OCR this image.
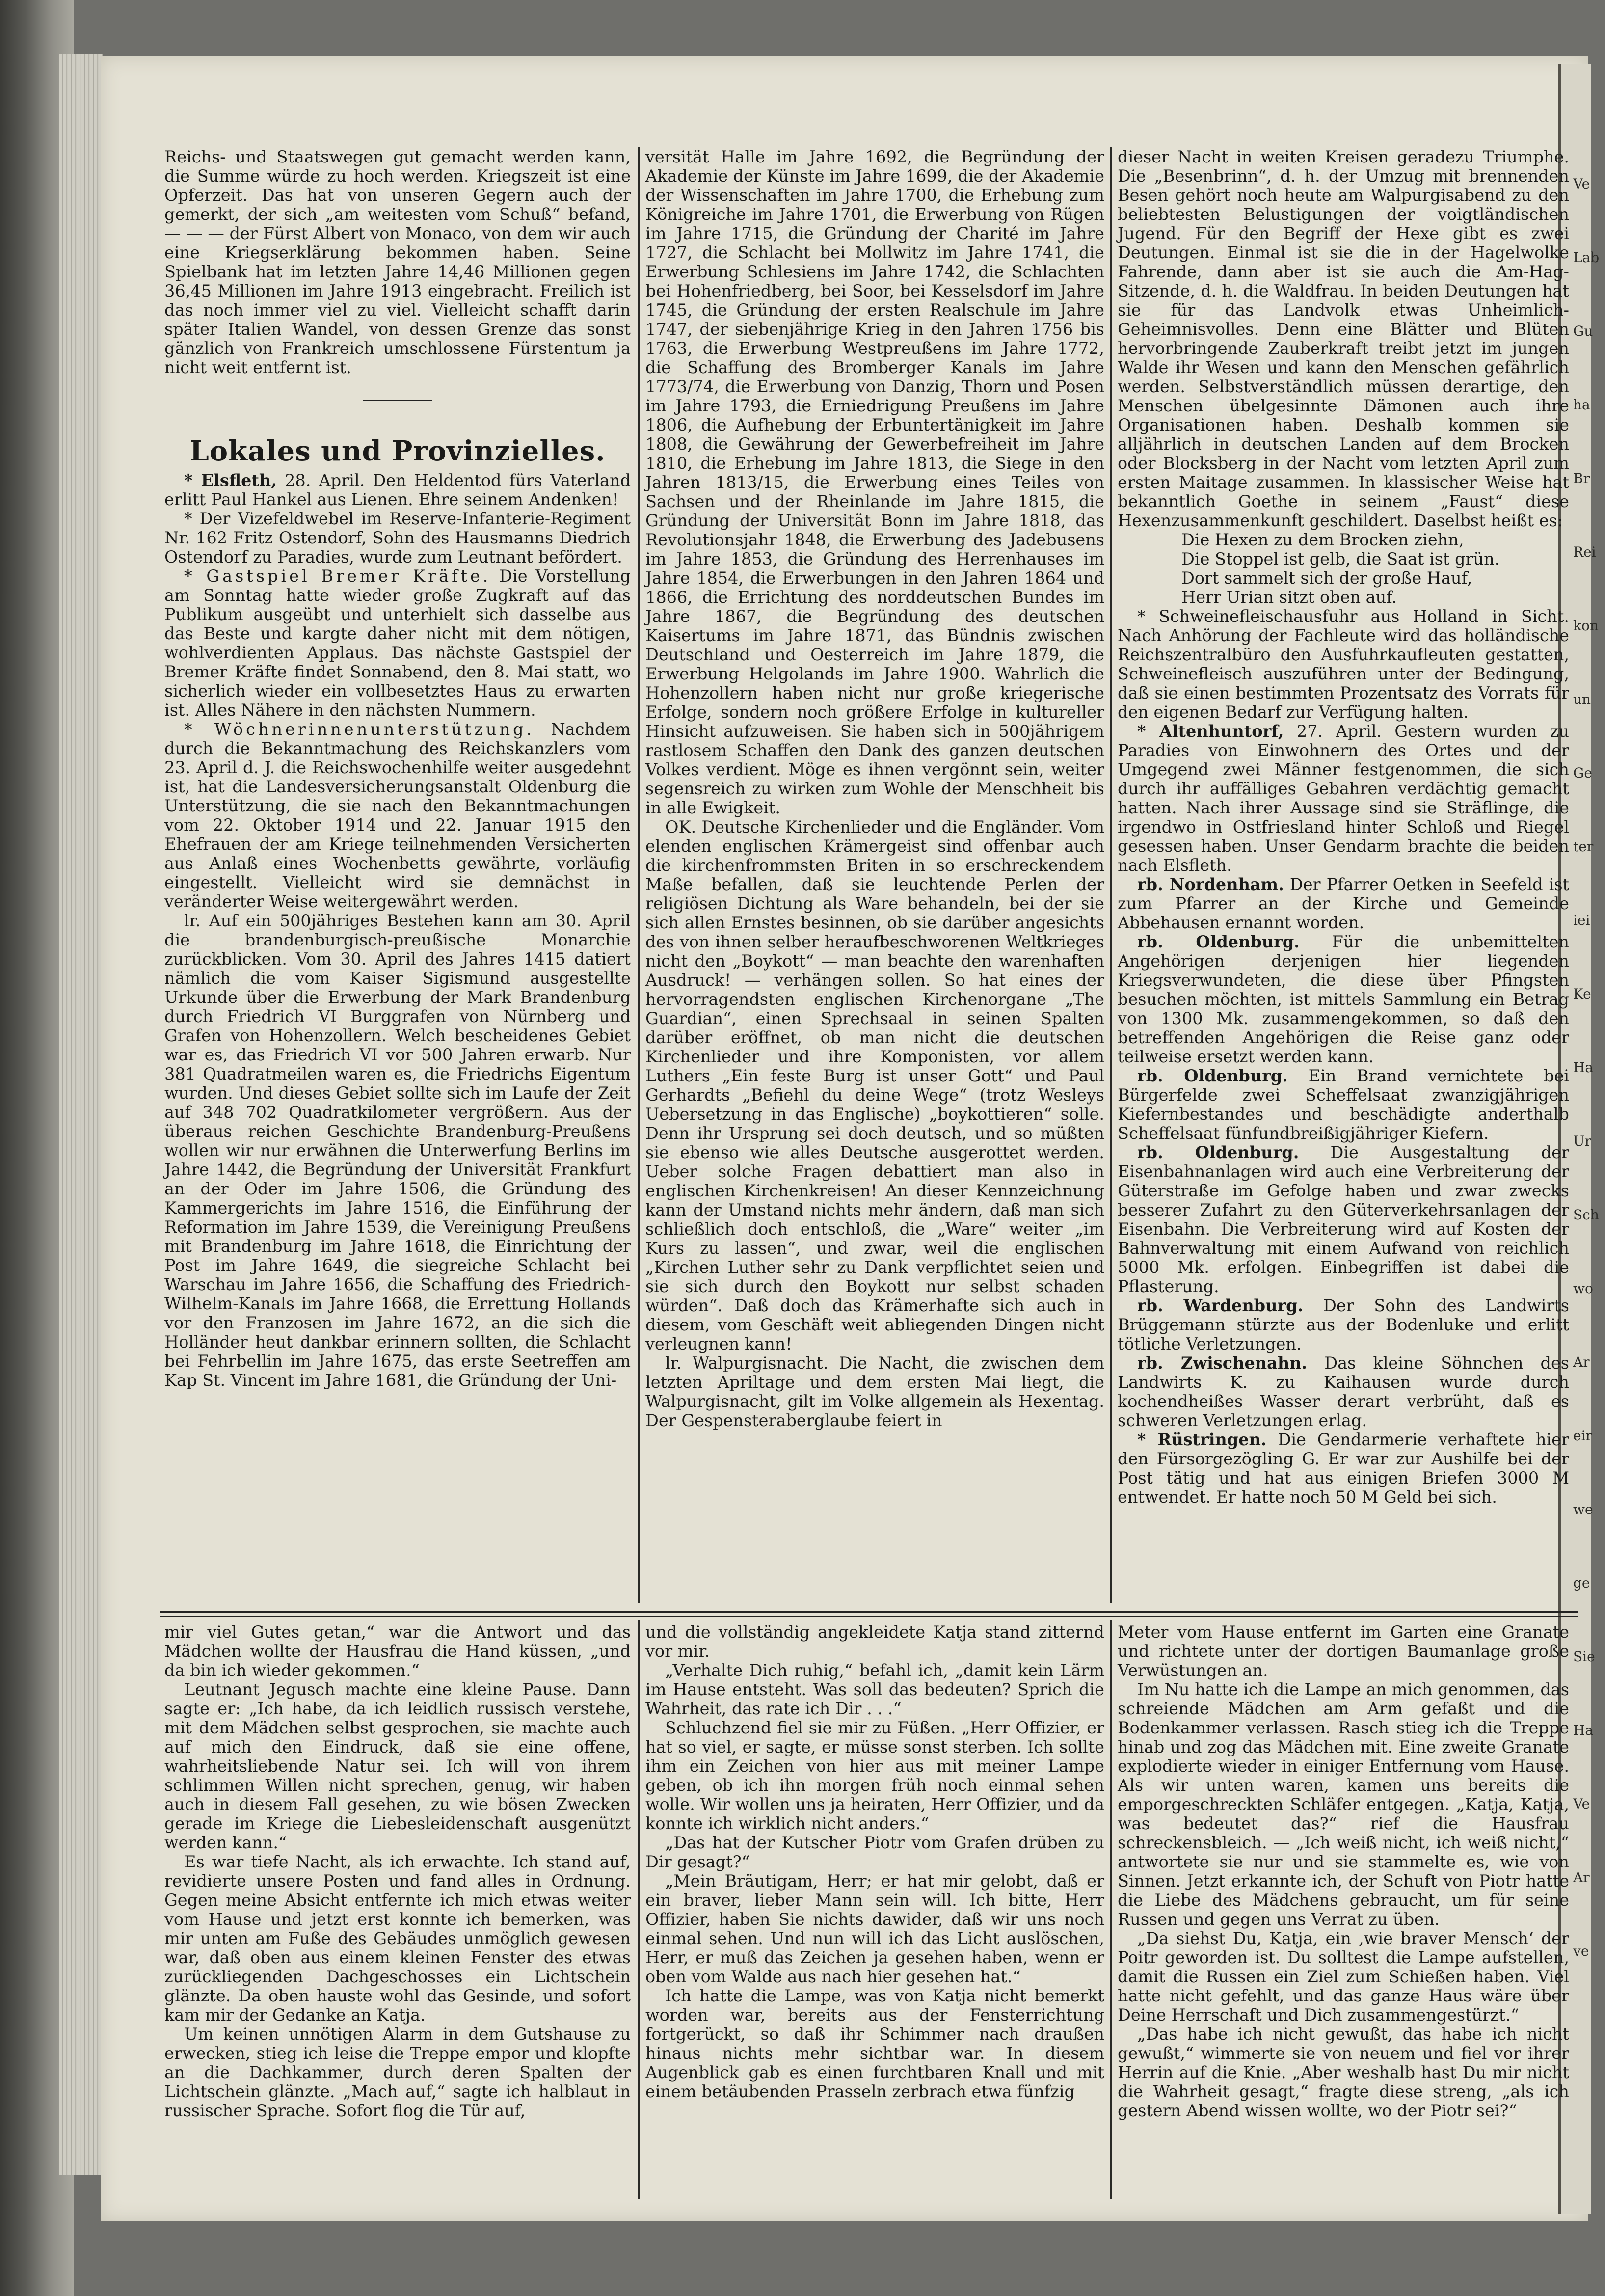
Reichs- und Staatswegen gut gemacht werden kann, die Summe würde zu hoch werden. Kriegszeit ist eine Opferzeit. Das hat von unseren Gegern auch der gemerkt, der sich „am weitesten vom Schuß“ befand, — — — der Fürst Albert von Monaco, von dem wir auch eine Kriegserklärung bekommen haben. Seine Spielbank hat im letzten Jahre 14,46 Millionen gegen 36,45 Millionen im Jahre 1913 eingebracht. Freilich ist das noch immer viel zu viel. Vielleicht schafft darin später Italien Wandel, von dessen Grenze das sonst gänzlich von Frankreich umschlossene Fürstentum ja nicht weit entfernt ist.

Lokales und Provinzielles.

* Elsfleth, 28. April. Den Heldentod fürs Vaterland erlitt Paul Hankel aus Lienen. Ehre seinem Andenken!

* Der Vizefeldwebel im Reserve-Infanterie-Regiment Nr. 162 Fritz Ostendorf, Sohn des Hausmanns Diedrich Ostendorf zu Paradies, wurde zum Leutnant befördert.

* Gastspiel Bremer Kräfte. Die Vorstellung am Sonntag hatte wieder große Zugkraft auf das Publikum ausgeübt und unterhielt sich dasselbe aus das Beste und kargte daher nicht mit dem nötigen, wohlverdienten Applaus. Das nächste Gastspiel der Bremer Kräfte findet Sonnabend, den 8. Mai statt, wo sicherlich wieder ein vollbesetztes Haus zu erwarten ist. Alles Nähere in den nächsten Nummern.

* Wöchnerinnenunterstützung. Nachdem durch die Bekanntmachung des Reichskanzlers vom 23. April d. J. die Reichswochenhilfe weiter ausgedehnt ist, hat die Landesversicherungsanstalt Oldenburg die Unterstützung, die sie nach den Bekanntmachungen vom 22. Oktober 1914 und 22. Januar 1915 den Ehefrauen der am Kriege teilnehmenden Versicherten aus Anlaß eines Wochenbetts gewährte, vorläufig eingestellt. Vielleicht wird sie demnächst in veränderter Weise weitergewährt werden.

lr. Auf ein 500jähriges Bestehen kann am 30. April die brandenburgisch-preußische Monarchie zurückblicken. Vom 30. April des Jahres 1415 datiert nämlich die vom Kaiser Sigismund ausgestellte Urkunde über die Erwerbung der Mark Brandenburg durch Friedrich VI Burggrafen von Nürnberg und Grafen von Hohenzollern. Welch bescheidenes Gebiet war es, das Friedrich VI vor 500 Jahren erwarb. Nur 381 Quadratmeilen waren es, die Friedrichs Eigentum wurden. Und dieses Gebiet sollte sich im Laufe der Zeit auf 348 702 Quadratkilometer vergrößern. Aus der überaus reichen Geschichte Brandenburg-Preußens wollen wir nur erwähnen die Unterwerfung Berlins im Jahre 1442, die Begründung der Universität Frankfurt an der Oder im Jahre 1506, die Gründung des Kammergerichts im Jahre 1516, die Einführung der Reformation im Jahre 1539, die Vereinigung Preußens mit Brandenburg im Jahre 1618, die Einrichtung der Post im Jahre 1649, die siegreiche Schlacht bei Warschau im Jahre 1656, die Schaffung des Friedrich-Wilhelm-Kanals im Jahre 1668, die Errettung Hollands vor den Franzosen im Jahre 1672, an die sich die Holländer heut dankbar erinnern sollten, die Schlacht bei Fehrbellin im Jahre 1675, das erste Seetreffen am Kap St. Vincent im Jahre 1681, die Gründung der Uni-

versität Halle im Jahre 1692, die Begründung der Akademie der Künste im Jahre 1699, die der Akademie der Wissenschaften im Jahre 1700, die Erhebung zum Königreiche im Jahre 1701, die Erwerbung von Rügen im Jahre 1715, die Gründung der Charité im Jahre 1727, die Schlacht bei Mollwitz im Jahre 1741, die Erwerbung Schlesiens im Jahre 1742, die Schlachten bei Hohenfriedberg, bei Soor, bei Kesselsdorf im Jahre 1745, die Gründung der ersten Realschule im Jahre 1747, der siebenjährige Krieg in den Jahren 1756 bis 1763, die Erwerbung Westpreußens im Jahre 1772, die Schaffung des Bromberger Kanals im Jahre 1773/74, die Erwerbung von Danzig, Thorn und Posen im Jahre 1793, die Erniedrigung Preußens im Jahre 1806, die Aufhebung der Erbuntertänigkeit im Jahre 1808, die Gewährung der Gewerbefreiheit im Jahre 1810, die Erhebung im Jahre 1813, die Siege in den Jahren 1813/15, die Erwerbung eines Teiles von Sachsen und der Rheinlande im Jahre 1815, die Gründung der Universität Bonn im Jahre 1818, das Revolutionsjahr 1848, die Erwerbung des Jadebusens im Jahre 1853, die Gründung des Herrenhauses im Jahre 1854, die Erwerbungen in den Jahren 1864 und 1866, die Errichtung des norddeutschen Bundes im Jahre 1867, die Begründung des deutschen Kaisertums im Jahre 1871, das Bündnis zwischen Deutschland und Oesterreich im Jahre 1879, die Erwerbung Helgolands im Jahre 1900. Wahrlich die Hohenzollern haben nicht nur große kriegerische Erfolge, sondern noch größere Erfolge in kultureller Hinsicht aufzuweisen. Sie haben sich in 500jährigem rastlosem Schaffen den Dank des ganzen deutschen Volkes verdient. Möge es ihnen vergönnt sein, weiter segensreich zu wirken zum Wohle der Menschheit bis in alle Ewigkeit.

OK. Deutsche Kirchenlieder und die Engländer. Vom elenden englischen Krämergeist sind offenbar auch die kirchenfrommsten Briten in so erschreckendem Maße befallen, daß sie leuchtende Perlen der religiösen Dichtung als Ware behandeln, bei der sie sich allen Ernstes besinnen, ob sie darüber angesichts des von ihnen selber heraufbeschworenen Weltkrieges nicht den „Boykott“ — man beachte den warenhaften Ausdruck! — verhängen sollen. So hat eines der hervorragendsten englischen Kirchenorgane „The Guardian“, einen Sprechsaal in seinen Spalten darüber eröffnet, ob man nicht die deutschen Kirchenlieder und ihre Komponisten, vor allem Luthers „Ein feste Burg ist unser Gott“ und Paul Gerhardts „Befiehl du deine Wege“ (trotz Wesleys Uebersetzung in das Englische) „boykottieren“ solle. Denn ihr Ursprung sei doch deutsch, und so müßten sie ebenso wie alles Deutsche ausgerottet werden. Ueber solche Fragen debattiert man also in englischen Kirchenkreisen! An dieser Kennzeichnung kann der Umstand nichts mehr ändern, daß man sich schließlich doch entschloß, die „Ware“ weiter „im Kurs zu lassen“, und zwar, weil die englischen „Kirchen Luther sehr zu Dank verpflichtet seien und sie sich durch den Boykott nur selbst schaden würden“. Daß doch das Krämerhafte sich auch in diesem, vom Geschäft weit abliegenden Dingen nicht verleugnen kann!

lr. Walpurgisnacht. Die Nacht, die zwischen dem letzten Apriltage und dem ersten Mai liegt, die Walpurgisnacht, gilt im Volke allgemein als Hexentag. Der Gespensteraberglaube feiert in

dieser Nacht in weiten Kreisen geradezu Triumphe. Die „Besenbrinn“, d. h. der Umzug mit brennenden Besen gehört noch heute am Walpurgisabend zu den beliebtesten Belustigungen der voigtländischen Jugend. Für den Begriff der Hexe gibt es zwei Deutungen. Einmal ist sie die in der Hagelwolke Fahrende, dann aber ist sie auch die Am-Hag-Sitzende, d. h. die Waldfrau. In beiden Deutungen hat sie für das Landvolk etwas Unheimlich-Geheimnisvolles. Denn eine Blätter und Blüten hervorbringende Zauberkraft treibt jetzt im jungen Walde ihr Wesen und kann den Menschen gefährlich werden. Selbstverständlich müssen derartige, den Menschen übelgesinnte Dämonen auch ihre Organisationen haben. Deshalb kommen sie alljährlich in deutschen Landen auf dem Brocken oder Blocksberg in der Nacht vom letzten April zum ersten Maitage zusammen. In klassischer Weise hat bekanntlich Goethe in seinem „Faust“ diese Hexenzusammenkunft geschildert. Daselbst heißt es:

Die Hexen zu dem Brocken ziehn,

Die Stoppel ist gelb, die Saat ist grün.

Dort sammelt sich der große Hauf,

Herr Urian sitzt oben auf.

* Schweinefleischausfuhr aus Holland in Sicht. Nach Anhörung der Fachleute wird das holländische Reichszentralbüro den Ausfuhrkaufleuten gestatten, Schweinefleisch auszuführen unter der Bedingung, daß sie einen bestimmten Prozentsatz des Vorrats für den eigenen Bedarf zur Verfügung halten.

* Altenhuntorf, 27. April. Gestern wurden zu Paradies von Einwohnern des Ortes und der Umgegend zwei Männer festgenommen, die sich durch ihr auffälliges Gebahren verdächtig gemacht hatten. Nach ihrer Aussage sind sie Sträflinge, die irgendwo in Ostfriesland hinter Schloß und Riegel gesessen haben. Unser Gendarm brachte die beiden nach Elsfleth.

rb. Nordenham. Der Pfarrer Oetken in Seefeld ist zum Pfarrer an der Kirche und Gemeinde Abbehausen ernannt worden.

rb. Oldenburg. Für die unbemittelten Angehörigen derjenigen hier liegenden Kriegsverwundeten, die diese über Pfingsten besuchen möchten, ist mittels Sammlung ein Betrag von 1300 Mk. zusammengekommen, so daß den betreffenden Angehörigen die Reise ganz oder teilweise ersetzt werden kann.

rb. Oldenburg. Ein Brand vernichtete bei Bürgerfelde zwei Scheffelsaat zwanzigjährigen Kiefernbestandes und beschädigte anderthalb Scheffelsaat fünfundbreißigjähriger Kiefern.

rb. Oldenburg. Die Ausgestaltung der Eisenbahnanlagen wird auch eine Verbreiterung der Güterstraße im Gefolge haben und zwar zwecks besserer Zufahrt zu den Güterverkehrsanlagen der Eisenbahn. Die Verbreiterung wird auf Kosten der Bahnverwaltung mit einem Aufwand von reichlich 5000 Mk. erfolgen. Einbegriffen ist dabei die Pflasterung.

rb. Wardenburg. Der Sohn des Landwirts Brüggemann stürzte aus der Bodenluke und erlitt tötliche Verletzungen.

rb. Zwischenahn. Das kleine Söhnchen des Landwirts K. zu Kaihausen wurde durch kochendheißes Wasser derart verbrüht, daß es schweren Verletzungen erlag.

* Rüstringen. Die Gendarmerie verhaftete hier den Fürsorgezögling G. Er war zur Aushilfe bei der Post tätig und hat aus einigen Briefen 3000 M entwendet. Er hatte noch 50 M Geld bei sich.

mir viel Gutes getan,“ war die Antwort und das Mädchen wollte der Hausfrau die Hand küssen, „und da bin ich wieder gekommen.“

Leutnant Jegusch machte eine kleine Pause. Dann sagte er: „Ich habe, da ich leidlich russisch verstehe, mit dem Mädchen selbst gesprochen, sie machte auch auf mich den Eindruck, daß sie eine offene, wahrheitsliebende Natur sei. Ich will von ihrem schlimmen Willen nicht sprechen, genug, wir haben auch in diesem Fall gesehen, zu wie bösen Zwecken gerade im Kriege die Liebesleidenschaft ausgenützt werden kann.“

Es war tiefe Nacht, als ich erwachte. Ich stand auf, revidierte unsere Posten und fand alles in Ordnung. Gegen meine Absicht entfernte ich mich etwas weiter vom Hause und jetzt erst konnte ich bemerken, was mir unten am Fuße des Gebäudes unmöglich gewesen war, daß oben aus einem kleinen Fenster des etwas zurückliegenden Dachgeschosses ein Lichtschein glänzte. Da oben hauste wohl das Gesinde, und sofort kam mir der Gedanke an Katja.

Um keinen unnötigen Alarm in dem Gutshause zu erwecken, stieg ich leise die Treppe empor und klopfte an die Dachkammer, durch deren Spalten der Lichtschein glänzte. „Mach auf,“ sagte ich halblaut in russischer Sprache. Sofort flog die Tür auf,

und die vollständig angekleidete Katja stand zitternd vor mir.

„Verhalte Dich ruhig,“ befahl ich, „damit kein Lärm im Hause entsteht. Was soll das bedeuten? Sprich die Wahrheit, das rate ich Dir . . .“

Schluchzend fiel sie mir zu Füßen. „Herr Offizier, er hat so viel, er sagte, er müsse sonst sterben. Ich sollte ihm ein Zeichen von hier aus mit meiner Lampe geben, ob ich ihn morgen früh noch einmal sehen wolle. Wir wollen uns ja heiraten, Herr Offizier, und da konnte ich wirklich nicht anders.“

„Das hat der Kutscher Piotr vom Grafen drüben zu Dir gesagt?“

„Mein Bräutigam, Herr; er hat mir gelobt, daß er ein braver, lieber Mann sein will. Ich bitte, Herr Offizier, haben Sie nichts dawider, daß wir uns noch einmal sehen. Und nun will ich das Licht auslöschen, Herr, er muß das Zeichen ja gesehen haben, wenn er oben vom Walde aus nach hier gesehen hat.“

Ich hatte die Lampe, was von Katja nicht bemerkt worden war, bereits aus der Fensterrichtung fortgerückt, so daß ihr Schimmer nach draußen hinaus nichts mehr sichtbar war. In diesem Augenblick gab es einen furchtbaren Knall und mit einem betäubenden Prasseln zerbrach etwa fünfzig

Meter vom Hause entfernt im Garten eine Granate und richtete unter der dortigen Baumanlage große Verwüstungen an.

Im Nu hatte ich die Lampe an mich genommen, das schreiende Mädchen am Arm gefaßt und die Bodenkammer verlassen. Rasch stieg ich die Treppe hinab und zog das Mädchen mit. Eine zweite Granate explodierte wieder in einiger Entfernung vom Hause. Als wir unten waren, kamen uns bereits die emporgeschreckten Schläfer entgegen. „Katja, Katja, was bedeutet das?“ rief die Hausfrau schreckensbleich. — „Ich weiß nicht, ich weiß nicht,“ antwortete sie nur und sie stammelte es, wie von Sinnen. Jetzt erkannte ich, der Schuft von Piotr hatte die Liebe des Mädchens gebraucht, um für seine Russen und gegen uns Verrat zu üben.

„Da siehst Du, Katja, ein ,wie braver Mensch‘ der Poitr geworden ist. Du solltest die Lampe aufstellen, damit die Russen ein Ziel zum Schießen haben. Viel hatte nicht gefehlt, und das ganze Haus wäre über Deine Herrschaft und Dich zusammengestürzt.“

„Das habe ich nicht gewußt, das habe ich nicht gewußt,“ wimmerte sie von neuem und fiel vor ihrer Herrin auf die Knie. „Aber weshalb hast Du mir nicht die Wahrheit gesagt,“ fragte diese streng, „als ich gestern Abend wissen wollte, wo der Piotr sei?“

Ve
Lab
Gu
ha
Br
Rei
kon
un
Ge
ter
iei
Ke
Ha
Ur
Sch
wo
Ar
eir
we
ge
Sie
Ha
Ve
Ar
ve
